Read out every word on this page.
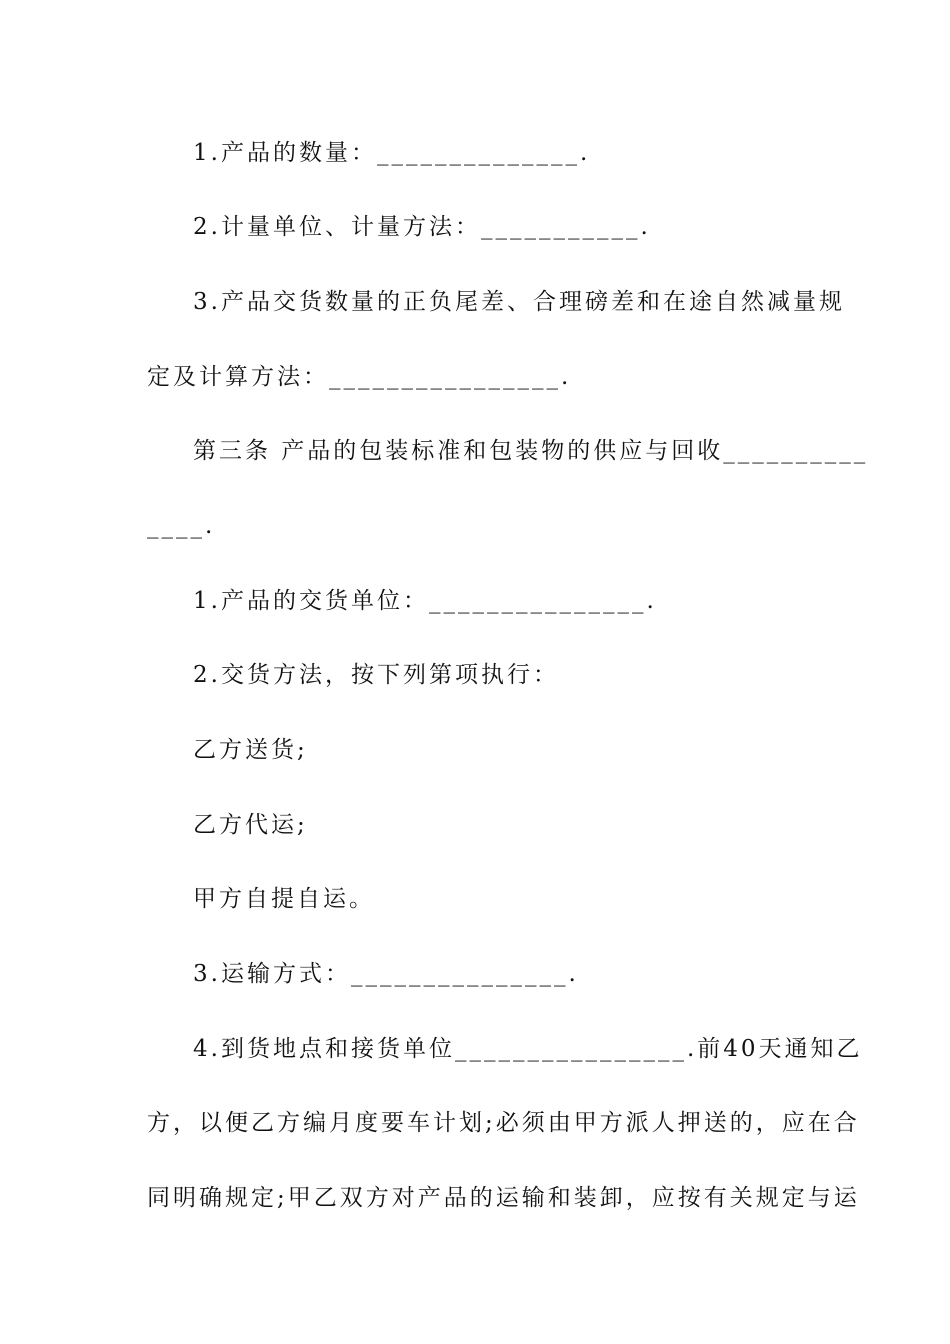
1.产品的数量：______________.
2.计量单位、计量方法：___________.
3.产品交货数量的正负尾差、合理磅差和在途自然减量规
定及计算方法：________________.
第三条 产品的包装标准和包装物的供应与回收__________
____.
1.产品的交货单位：_______________.
2.交货方法，按下列第项执行：
乙方送货;
乙方代运;
甲方自提自运。
3.运输方式：_______________.
4.到货地点和接货单位________________.前40天通知乙
方，以便乙方编月度要车计划;必须由甲方派人押送的，应在合
同明确规定;甲乙双方对产品的运输和装卸，应按有关规定与运
